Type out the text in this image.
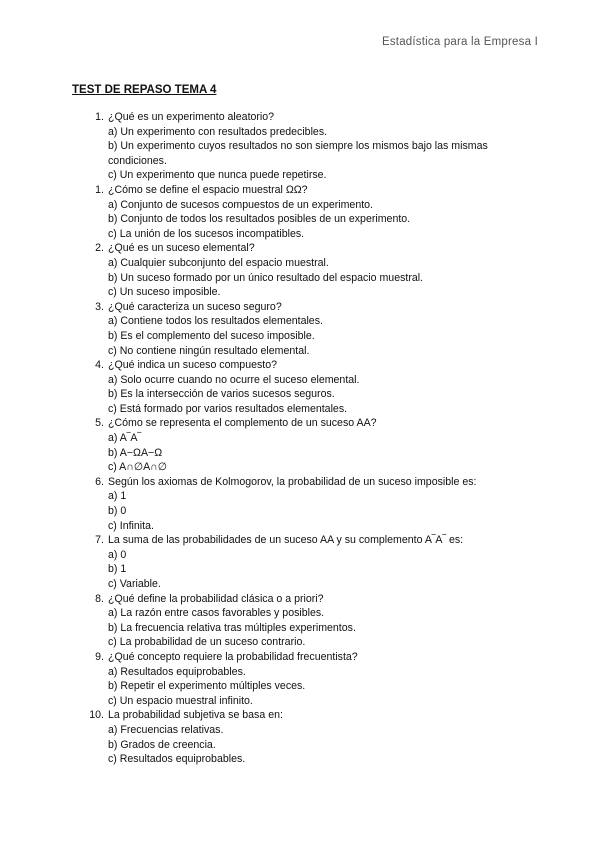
Estadística para la Empresa I
TEST DE REPASO TEMA 4
1. ¿Qué es un experimento aleatorio?
a) Un experimento con resultados predecibles.
b) Un experimento cuyos resultados no son siempre los mismos bajo las mismas condiciones.
c) Un experimento que nunca puede repetirse.
1. ¿Cómo se define el espacio muestral ΩΩ?
a) Conjunto de sucesos compuestos de un experimento.
b) Conjunto de todos los resultados posibles de un experimento.
c) La unión de los sucesos incompatibles.
2. ¿Qué es un suceso elemental?
a) Cualquier subconjunto del espacio muestral.
b) Un suceso formado por un único resultado del espacio muestral.
c) Un suceso imposible.
3. ¿Qué caracteriza un suceso seguro?
a) Contiene todos los resultados elementales.
b) Es el complemento del suceso imposible.
c) No contiene ningún resultado elemental.
4. ¿Qué indica un suceso compuesto?
a) Solo ocurre cuando no ocurre el suceso elemental.
b) Es la intersección de varios sucesos seguros.
c) Está formado por varios resultados elementales.
5. ¿Cómo se representa el complemento de un suceso AA?
a) A‾A‾
b) A−ΩA−Ω
c) A∩∅A∩∅
6. Según los axiomas de Kolmogorov, la probabilidad de un suceso imposible es:
a) 1
b) 0
c) Infinita.
7. La suma de las probabilidades de un suceso AA y su complemento A‾A‾ es:
a) 0
b) 1
c) Variable.
8. ¿Qué define la probabilidad clásica o a priori?
a) La razón entre casos favorables y posibles.
b) La frecuencia relativa tras múltiples experimentos.
c) La probabilidad de un suceso contrario.
9. ¿Qué concepto requiere la probabilidad frecuentista?
a) Resultados equiprobables.
b) Repetir el experimento múltiples veces.
c) Un espacio muestral infinito.
10. La probabilidad subjetiva se basa en:
a) Frecuencias relativas.
b) Grados de creencia.
c) Resultados equiprobables.
